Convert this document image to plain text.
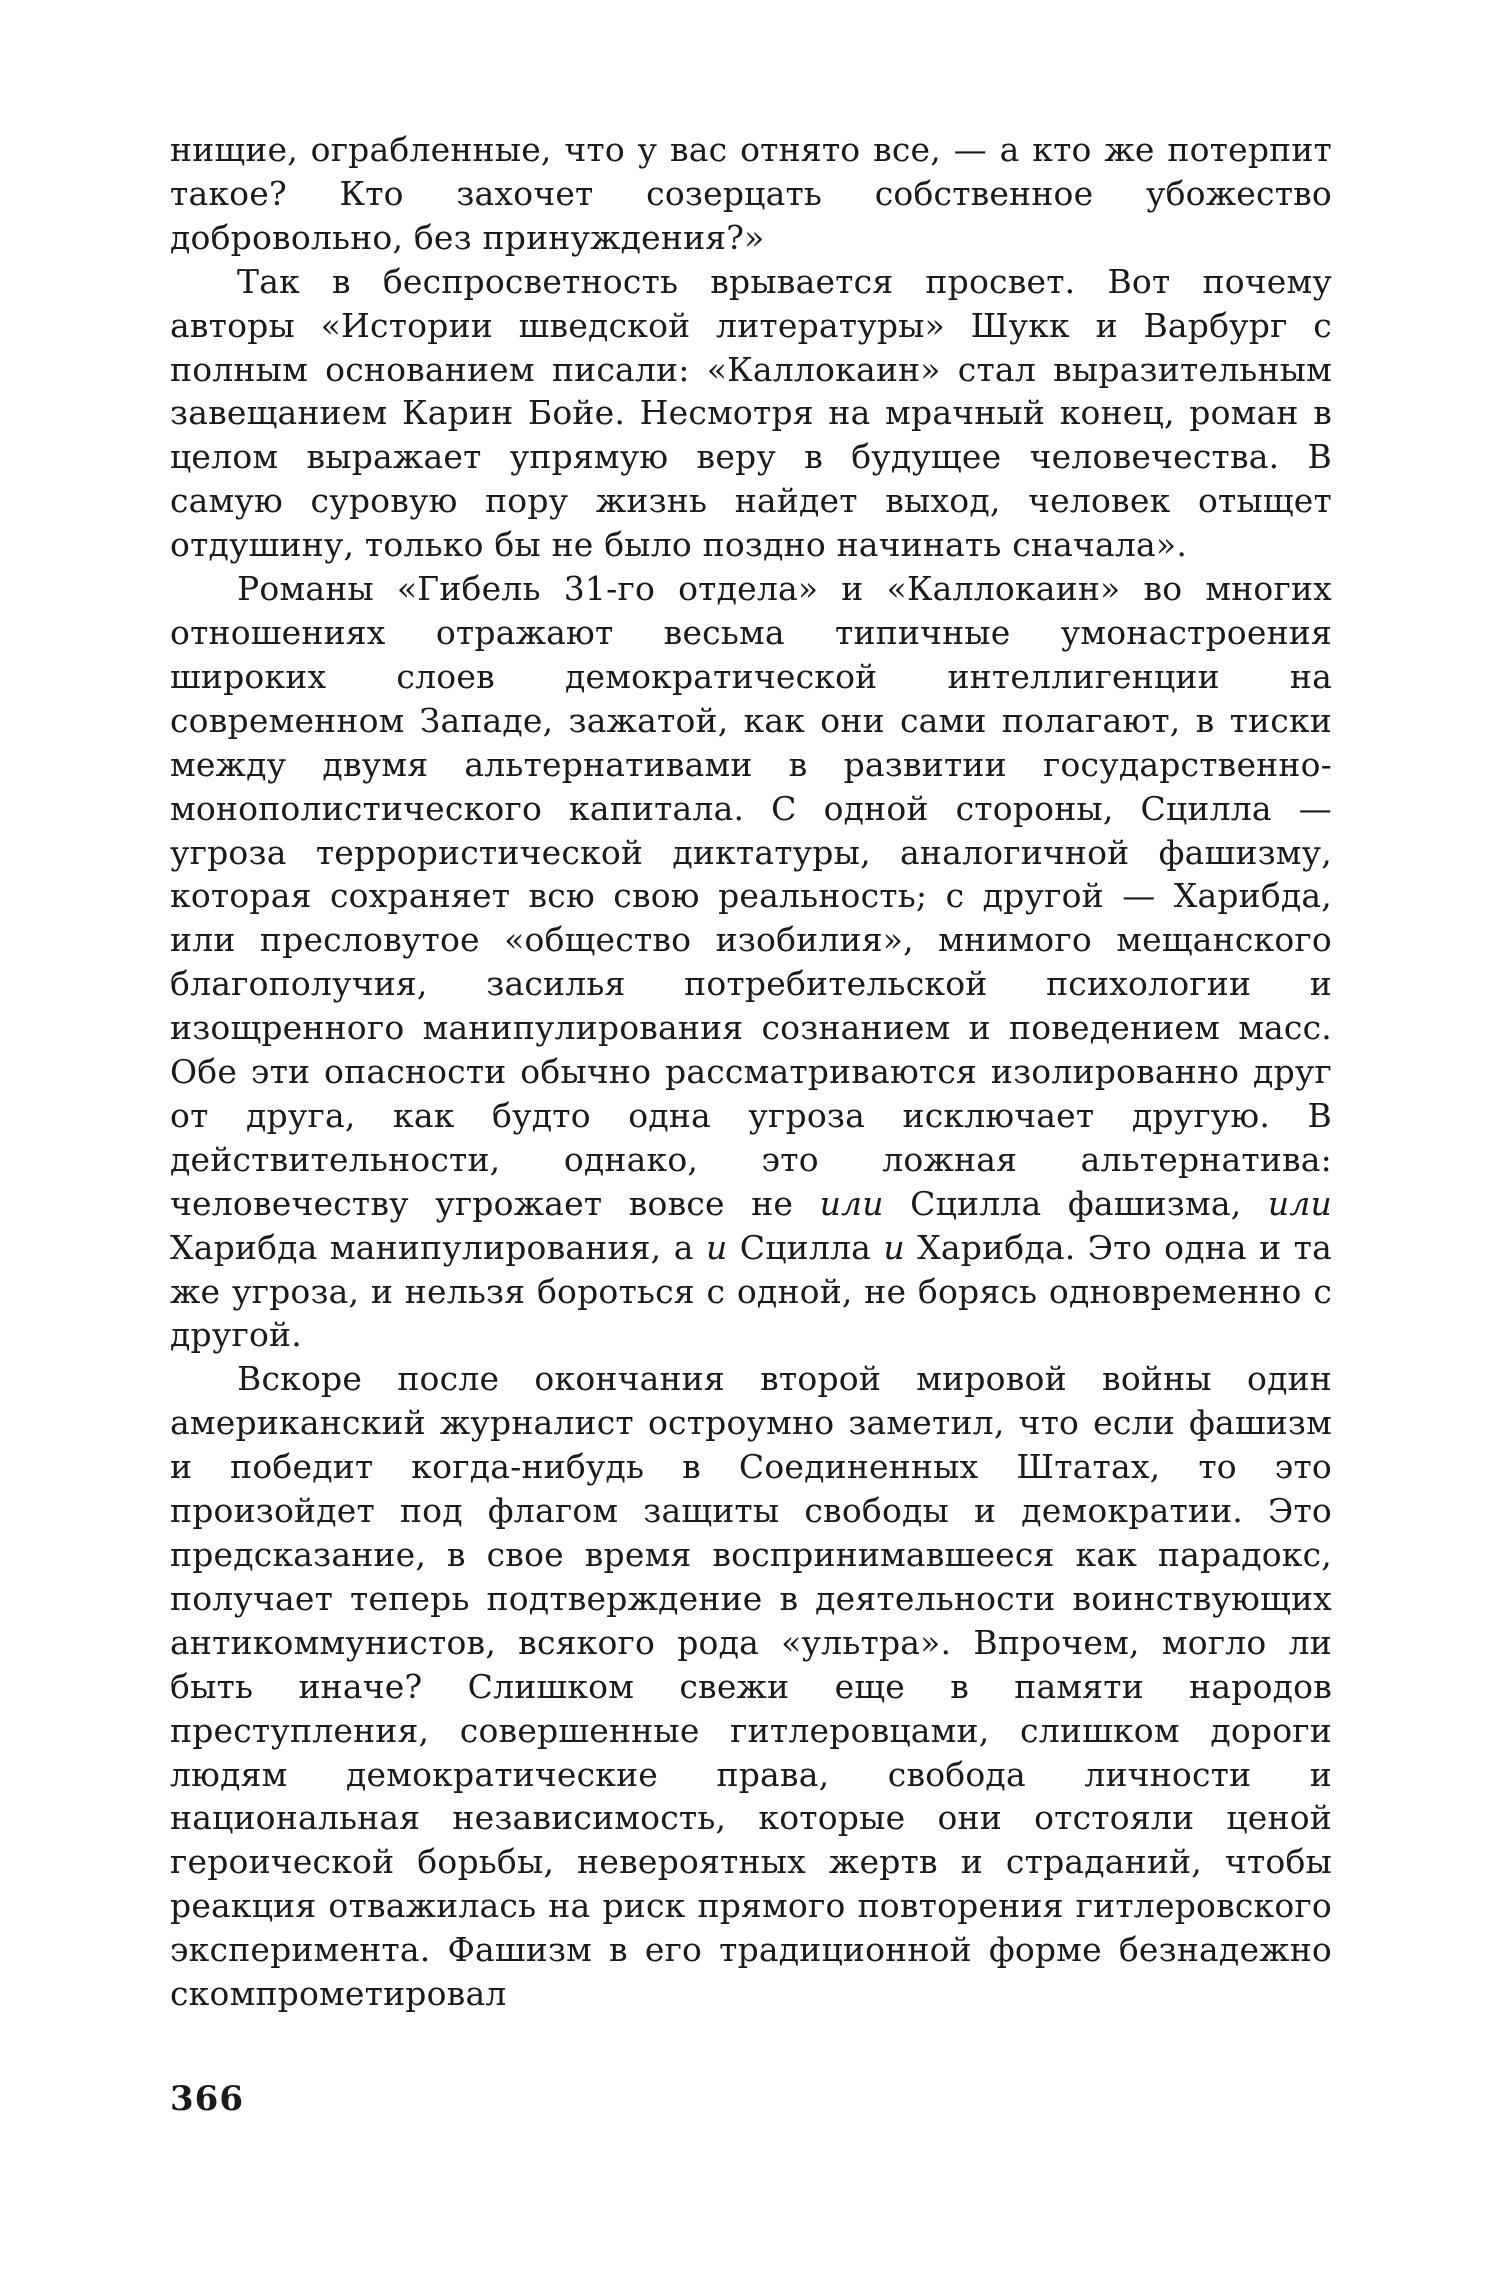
нищие, ограбленные, что у вас отнято все, — а кто же потерпит такое? Кто захочет созерцать собственное убожество добровольно, без принуждения?»

Так в беспросветность врывается просвет. Вот почему авторы «Истории шведской литературы» Шукк и Варбург с полным основанием писали: «Каллокаин» стал выразительным завещанием Карин Бойе. Несмотря на мрачный конец, роман в целом выражает упрямую веру в будущее человечества. В самую суровую пору жизнь найдет выход, человек отыщет отдушину, только бы не было поздно начинать сначала».

Романы «Гибель 31-го отдела» и «Каллокаин» во многих отношениях отражают весьма типичные умонастроения широких слоев демократической интеллигенции на современном Западе, зажатой, как они сами полагают, в тиски между двумя альтернативами в развитии государственно-монополистического капитала. С одной стороны, Сцилла — угроза террористической диктатуры, аналогичной фашизму, которая сохраняет всю свою реальность; с другой — Харибда, или пресловутое «общество изобилия», мнимого мещанского благополучия, засилья потребительской психологии и изощренного манипулирования сознанием и поведением масс. Обе эти опасности обычно рассматриваются изолированно друг от друга, как будто одна угроза исключает другую. В действительности, однако, это ложная альтернатива: человечеству угрожает вовсе не или Сцилла фашизма, или Харибда манипулирования, а и Сцилла и Харибда. Это одна и та же угроза, и нельзя бороться с одной, не борясь одновременно с другой.

Вскоре после окончания второй мировой войны один американский журналист остроумно заметил, что если фашизм и победит когда-нибудь в Соединенных Штатах, то это произойдет под флагом защиты свободы и демократии. Это предсказание, в свое время воспринимавшееся как парадокс, получает теперь подтверждение в деятельности воинствующих антикоммунистов, всякого рода «ультра». Впрочем, могло ли быть иначе? Слишком свежи еще в памяти народов преступления, совершенные гитлеровцами, слишком дороги людям демократические права, свобода личности и национальная независимость, которые они отстояли ценой героической борьбы, невероятных жертв и страданий, чтобы реакция отважилась на риск прямого повторения гитлеровского эксперимента. Фашизм в его традиционной форме безнадежно скомпрометировал

366
